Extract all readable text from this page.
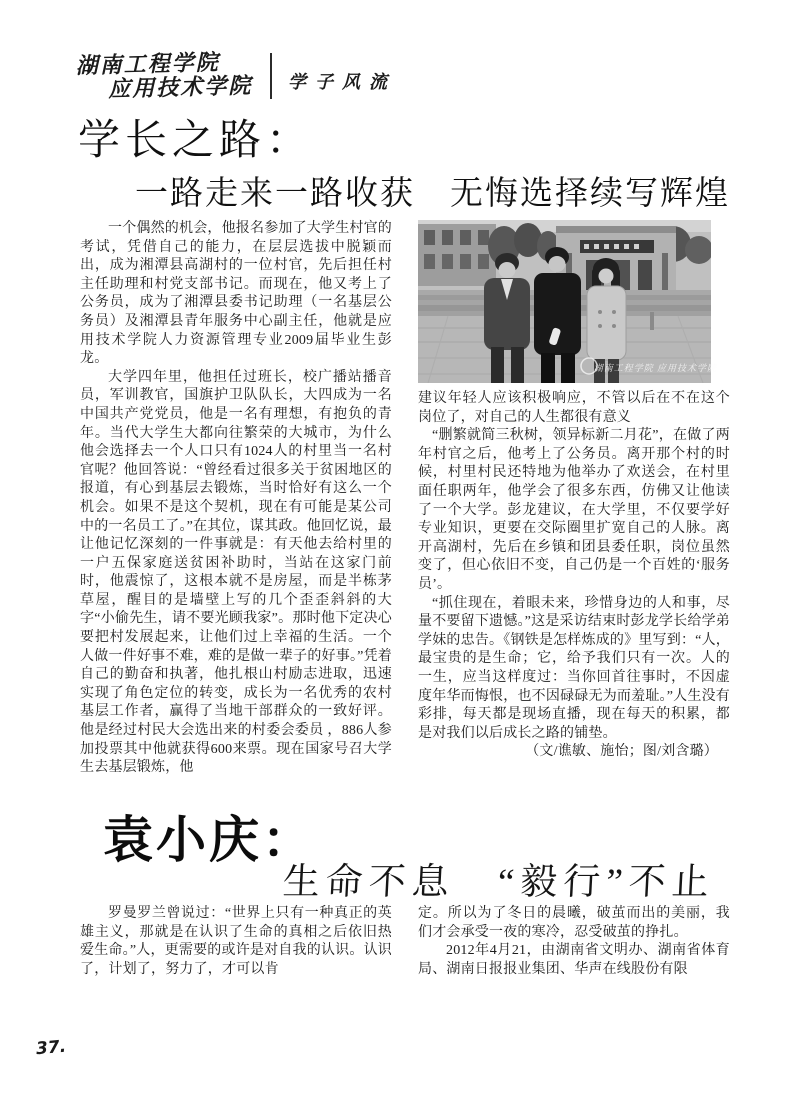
湖南工程学院
应用技术学院 学子风流
学长之路：
一路走来一路收获　无悔选择续写辉煌

一个偶然的机会，他报名参加了大学生村官的考试，凭借自己的能力，在层层选拔中脱颖而出，成为湘潭县高湖村的一位村官，先后担任村主任助理和村党支部书记。而现在，他又考上了公务员，成为了湘潭县委书记助理（一名基层公务员）及湘潭县青年服务中心副主任，他就是应用技术学院人力资源管理专业2009届毕业生彭龙。

大学四年里，他担任过班长，校广播站播音员，军训教官，国旗护卫队队长，大四成为一名中国共产党党员，他是一名有理想，有抱负的青年。当代大学生大都向往繁荣的大城市，为什么他会选择去一个人口只有1024人的村里当一名村官呢？他回答说：“曾经看过很多关于贫困地区的报道，有心到基层去锻炼，当时恰好有这么一个机会。如果不是这个契机，现在有可能是某公司中的一名员工了。”在其位，谋其政。他回忆说，最让他记忆深刻的一件事就是：有天他去给村里的一户五保家庭送贫困补助时，当站在这家门前时，他震惊了，这根本就不是房屋，而是半栋茅草屋，醒目的是墙壁上写的几个歪歪斜斜的大字“小偷先生，请不要光顾我家”。那时他下定决心要把村发展起来，让他们过上幸福的生活。一个人做一件好事不难，难的是做一辈子的好事。”凭着自己的勤奋和执著，他扎根山村励志进取，迅速实现了角色定位的转变，成长为一名优秀的农村基层工作者，赢得了当地干部群众的一致好评。他是经过村民大会选出来的村委会委员 ，886人参加投票其中他就获得600来票。现在国家号召大学生去基层锻炼，他

湖南工程学院 应用技术学院

建议年轻人应该积极响应，不管以后在不在这个岗位了，对自己的人生都很有意义

“删繁就简三秋树，领异标新二月花”，在做了两年村官之后，他考上了公务员。离开那个村的时候，村里村民还特地为他举办了欢送会，在村里面任职两年，他学会了很多东西，仿佛又让他读了一个大学。彭龙建议，在大学里，不仅要学好专业知识，更要在交际圈里扩宽自己的人脉。离开高湖村，先后在乡镇和团县委任职，岗位虽然变了，但心依旧不变，自己仍是一个百姓的‘服务员’。

“抓住现在，着眼未来，珍惜身边的人和事，尽量不要留下遗憾。”这是采访结束时彭龙学长给学弟学妹的忠告。《钢铁是怎样炼成的》里写到：“人，最宝贵的是生命；它，给予我们只有一次。人的一生，应当这样度过：当你回首往事时，不因虚度年华而悔恨，也不因碌碌无为而羞耻。”人生没有彩排，每天都是现场直播，现在每天的积累，都是对我们以后成长之路的铺垫。

（文/谯敏、施怡；图/刘含璐）

袁小庆：
生命不息　“毅行”不止

罗曼罗兰曾说过：“世界上只有一种真正的英雄主义，那就是在认识了生命的真相之后依旧热爱生命。”人，更需要的或许是对自我的认识。认识了，计划了，努力了，才可以肯

定。所以为了冬日的晨曦，破茧而出的美丽，我们才会承受一夜的寒冷，忍受破茧的挣扎。

2012年4月21，由湖南省文明办、湖南省体育局、湖南日报报业集团、华声在线股份有限

37.
